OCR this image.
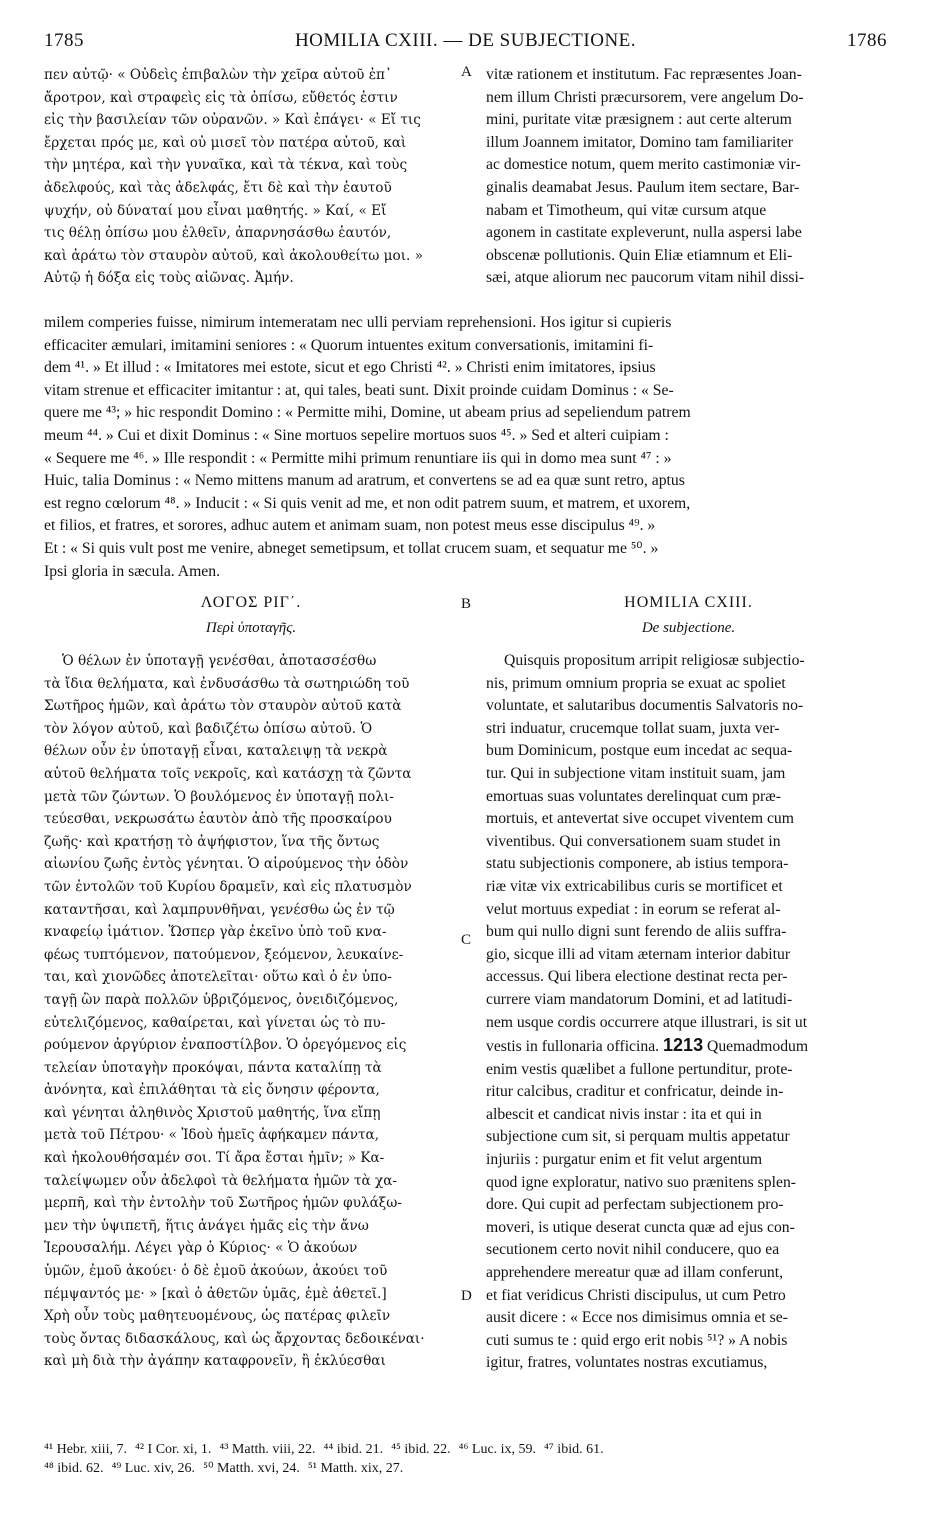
1785	HOMILIA CXIII. — DE SUBJECTIONE.	1786

πεν αὐτῷ· « Οὐδεὶς ἐπιβαλὼν τὴν χεῖρα αὐτοῦ ἐπ᾽

ἄροτρον, καὶ στραφεὶς εἰς τὰ ὀπίσω, εὔθετός ἐστιν

εἰς τὴν βασιλείαν τῶν οὐρανῶν. » Καὶ ἐπάγει· « Εἴ τις

ἔρχεται πρός με, καὶ οὐ μισεῖ τὸν πατέρα αὐτοῦ, καὶ

τὴν μητέρα, καὶ τὴν γυναῖκα, καὶ τὰ τέκνα, καὶ τοὺς

ἀδελφούς, καὶ τὰς ἀδελφάς, ἔτι δὲ καὶ τὴν ἑαυτοῦ

ψυχήν, οὐ δύναταί μου εἶναι μαθητής. » Καί, « Εἴ

τις θέλῃ ὀπίσω μου ἐλθεῖν, ἀπαρνησάσθω ἑαυτόν,

καὶ ἀράτω τὸν σταυρὸν αὐτοῦ, καὶ ἀκολουθείτω μοι. »

Αὐτῷ ἡ δόξα εἰς τοὺς αἰῶνας. Ἀμήν.

vitæ rationem et institutum. Fac repræsentes Joan-

nem illum Christi præcursorem, vere angelum Do-

mini, puritate vitæ præsignem : aut certe alterum

illum Joannem imitator, Domino tam familiariter

ac domestice notum, quem merito castimoniæ vir-

ginalis deamabat Jesus. Paulum item sectare, Bar-

nabam et Timotheum, qui vitæ cursum atque

agonem in castitate expleverunt, nulla aspersi labe

obscenæ pollutionis. Quin Eliæ etiamnum et Eli-

sæi, atque aliorum nec paucorum vitam nihil dissi-

milem comperies fuisse, nimirum intemeratam nec ulli perviam reprehensioni. Hos igitur si cupieris

efficaciter æmulari, imitamini seniores : « Quorum intuentes exitum conversationis, imitamini fi-

dem ⁴¹. » Et illud : « Imitatores mei estote, sicut et ego Christi ⁴². » Christi enim imitatores, ipsius

vitam strenue et efficaciter imitantur : at, qui tales, beati sunt. Dixit proinde cuidam Dominus : « Se-

quere me ⁴³; » hic respondit Domino : « Permitte mihi, Domine, ut abeam prius ad sepeliendum patrem

meum ⁴⁴. » Cui et dixit Dominus : « Sine mortuos sepelire mortuos suos ⁴⁵. » Sed et alteri cuipiam :

« Sequere me ⁴⁶. » Ille respondit : « Permitte mihi primum renuntiare iis qui in domo mea sunt ⁴⁷ : »

Huic, talia Dominus : « Nemo mittens manum ad aratrum, et convertens se ad ea quæ sunt retro, aptus

est regno cœlorum ⁴⁸. » Inducit : « Si quis venit ad me, et non odit patrem suum, et matrem, et uxorem,

et filios, et fratres, et sorores, adhuc autem et animam suam, non potest meus esse discipulus ⁴⁹. »

Et : « Si quis vult post me venire, abneget semetipsum, et tollat crucem suam, et sequatur me ⁵⁰. »

Ipsi gloria in sæcula. Amen.

A
B
C
D
ΛΟΓΟΣ ΡΙΓ΄.
Περὶ ὑποταγῆς.
HOMILIA CXIII.
De subjectione.

Ὁ θέλων ἐν ὑποταγῇ γενέσθαι, ἀποτασσέσθω

τὰ ἴδια θελήματα, καὶ ἐνδυσάσθω τὰ σωτηριώδη τοῦ

Σωτῆρος ἡμῶν, καὶ ἀράτω τὸν σταυρὸν αὐτοῦ κατὰ

τὸν λόγον αὐτοῦ, καὶ βαδιζέτω ὀπίσω αὐτοῦ. Ὁ

θέλων οὖν ἐν ὑποταγῇ εἶναι, καταλειψῃ τὰ νεκρὰ

αὐτοῦ θελήματα τοῖς νεκροῖς, καὶ κατάσχῃ τὰ ζῶντα

μετὰ τῶν ζώντων. Ὁ βουλόμενος ἐν ὑποταγῇ πολι-

τεύεσθαι, νεκρωσάτω ἑαυτὸν ἀπὸ τῆς προσκαίρου

ζωῆς· καὶ κρατήσῃ τὸ ἀψήφιστον, ἵνα τῆς ὄντως

αἰωνίου ζωῆς ἐντὸς γένηται. Ὁ αἱρούμενος τὴν ὁδὸν

τῶν ἐντολῶν τοῦ Κυρίου δραμεῖν, καὶ εἰς πλατυσμὸν

καταντῆσαι, καὶ λαμπρυνθῆναι, γενέσθω ὡς ἐν τῷ

κναφείῳ ἱμάτιον. Ὥσπερ γὰρ ἐκεῖνο ὑπὸ τοῦ κνα-

φέως τυπτόμενον, πατούμενον, ξεόμενον, λευκαίνε-

ται, καὶ χιονῶδες ἀποτελεῖται· οὕτω καὶ ὁ ἐν ὑπο-

ταγῇ ὢν παρὰ πολλῶν ὑβριζόμενος, ὀνειδιζόμενος,

εὐτελιζόμενος, καθαίρεται, καὶ γίνεται ὡς τὸ πυ-

ρούμενον ἀργύριον ἐναποστίλβον. Ὁ ὀρεγόμενος εἰς

τελείαν ὑποταγὴν προκόψαι, πάντα καταλίπῃ τὰ

ἀνόνητα, καὶ ἐπιλάθηται τὰ εἰς ὄνησιν φέροντα,

καὶ γένηται ἀληθινὸς Χριστοῦ μαθητής, ἵνα εἴπῃ

μετὰ τοῦ Πέτρου· « Ἰδοὺ ἡμεῖς ἀφήκαμεν πάντα,

καὶ ἠκολουθήσαμέν σοι. Τί ἄρα ἔσται ἡμῖν; » Κα-

ταλείψωμεν οὖν ἀδελφοὶ τὰ θελήματα ἡμῶν τὰ χα-

μερπῆ, καὶ τὴν ἐντολὴν τοῦ Σωτῆρος ἡμῶν φυλάξω-

μεν τὴν ὑψιπετῆ, ἥτις ἀνάγει ἡμᾶς εἰς τὴν ἄνω

Ἱερουσαλήμ. Λέγει γὰρ ὁ Κύριος· « Ὁ ἀκούων

ὑμῶν, ἐμοῦ ἀκούει· ὁ δὲ ἐμοῦ ἀκούων, ἀκούει τοῦ

πέμψαντός με· » [καὶ ὁ ἀθετῶν ὑμᾶς, ἐμὲ ἀθετεῖ.]

Χρὴ οὖν τοὺς μαθητευομένους, ὡς πατέρας φιλεῖν

τοὺς ὄντας διδασκάλους, καὶ ὡς ἄρχοντας δεδοικέναι·

καὶ μὴ διὰ τὴν ἀγάπην καταφρονεῖν, ἢ ἐκλύεσθαι

Quisquis propositum arripit religiosæ subjectio-

nis, primum omnium propria se exuat ac spoliet

voluntate, et salutaribus documentis Salvatoris no-

stri induatur, crucemque tollat suam, juxta ver-

bum Dominicum, postque eum incedat ac sequa-

tur. Qui in subjectione vitam instituit suam, jam

emortuas suas voluntates derelinquat cum præ-

mortuis, et antevertat sive occupet viventem cum

viventibus. Qui conversationem suam studet in

statu subjectionis componere, ab istius tempora-

riæ vitæ vix extricabilibus curis se mortificet et

velut mortuus expediat : in eorum se referat al-

bum qui nullo digni sunt ferendo de aliis suffra-

gio, sicque illi ad vitam æternam interior dabitur

accessus. Qui libera electione destinat recta per-

currere viam mandatorum Domini, et ad latitudi-

nem usque cordis occurrere atque illustrari, is sit ut

vestis in fullonaria officina. 1213 Quemadmodum

enim vestis quælibet a fullone pertunditur, prote-

ritur calcibus, craditur et confricatur, deinde in-

albescit et candicat nivis instar : ita et qui in

subjectione cum sit, si perquam multis appetatur

injuriis : purgatur enim et fit velut argentum

quod igne exploratur, nativo suo prænitens splen-

dore. Qui cupit ad perfectam subjectionem pro-

moveri, is utique deserat cuncta quæ ad ejus con-

secutionem certo novit nihil conducere, quo ea

apprehendere mereatur quæ ad illam conferunt,

et fiat veridicus Christi discipulus, ut cum Petro

ausit dicere : « Ecce nos dimisimus omnia et se-

cuti sumus te : quid ergo erit nobis ⁵¹? » A nobis

igitur, fratres, voluntates nostras excutiamus,

⁴¹ Hebr. xiii, 7. ⁴² I Cor. xi, 1. ⁴³ Matth. viii, 22. ⁴⁴ ibid. 21. ⁴⁵ ibid. 22. ⁴⁶ Luc. ix, 59. ⁴⁷ ibid. 61.
⁴⁸ ibid. 62. ⁴⁹ Luc. xiv, 26. ⁵⁰ Matth. xvi, 24. ⁵¹ Matth. xix, 27.
